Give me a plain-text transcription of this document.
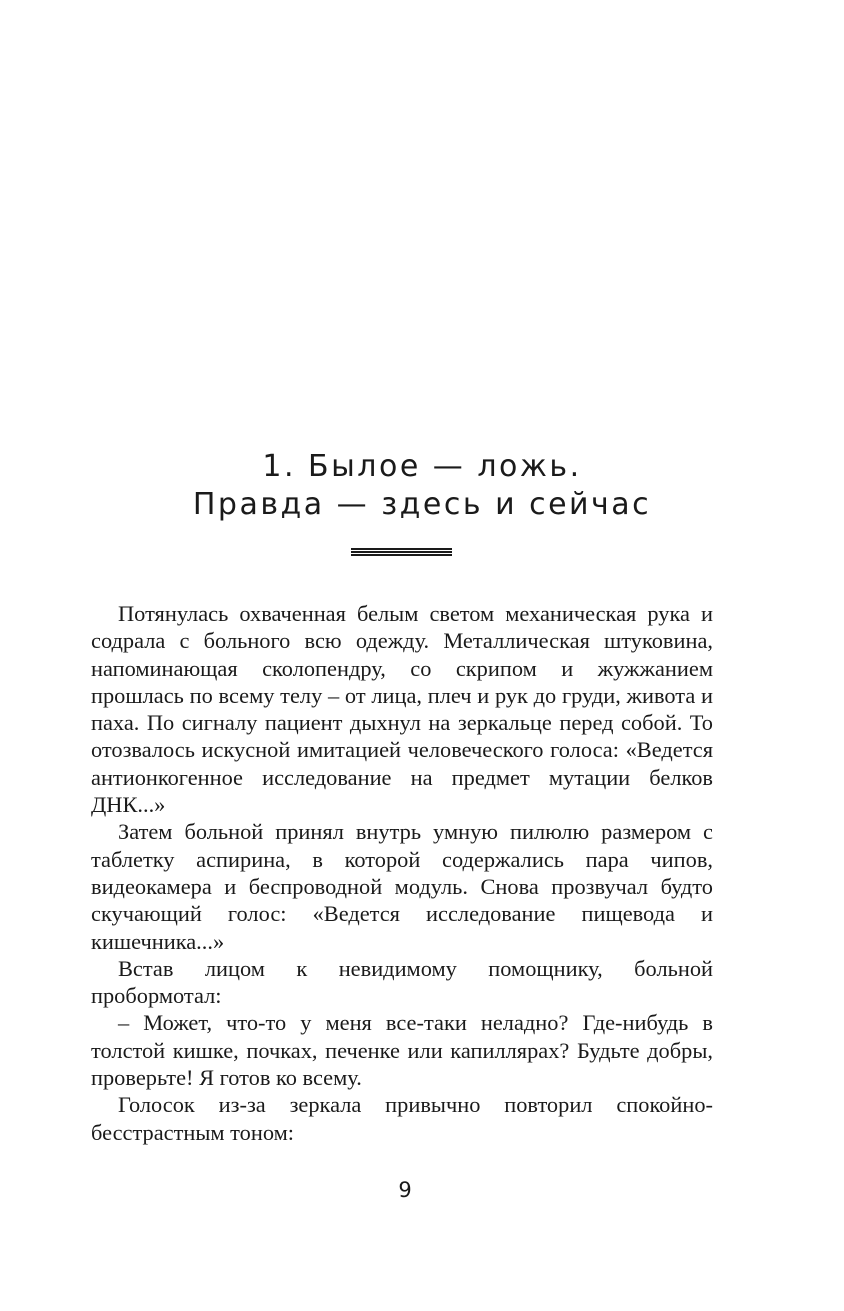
1. Былое — ложь.
Правда — здесь и сейчас

Потянулась охваченная белым светом механическая рука и содрала с больного всю одежду. Металлическая штуковина, напоминающая сколопендру, со скрипом и жужжанием прошлась по всему телу – от лица, плеч и рук до груди, живота и паха. По сигналу пациент дыхнул на зеркальце перед собой. То отозвалось искусной имитацией человеческого голоса: «Ведется антионкогенное исследование на предмет мутации белков ДНК...»

Затем больной принял внутрь умную пилюлю размером с таблетку аспирина, в которой содержались пара чипов, видеокамера и беспроводной модуль. Снова прозвучал будто скучающий голос: «Ведется исследование пищевода и кишечника...»

Встав лицом к невидимому помощнику, больной пробормотал:

– Может, что-то у меня все-таки неладно? Где-нибудь в толстой кишке, почках, печенке или капиллярах? Будьте добры, проверьте! Я готов ко всему.

Голосок из-за зеркала привычно повторил спокойно-бесстрастным тоном:

9
